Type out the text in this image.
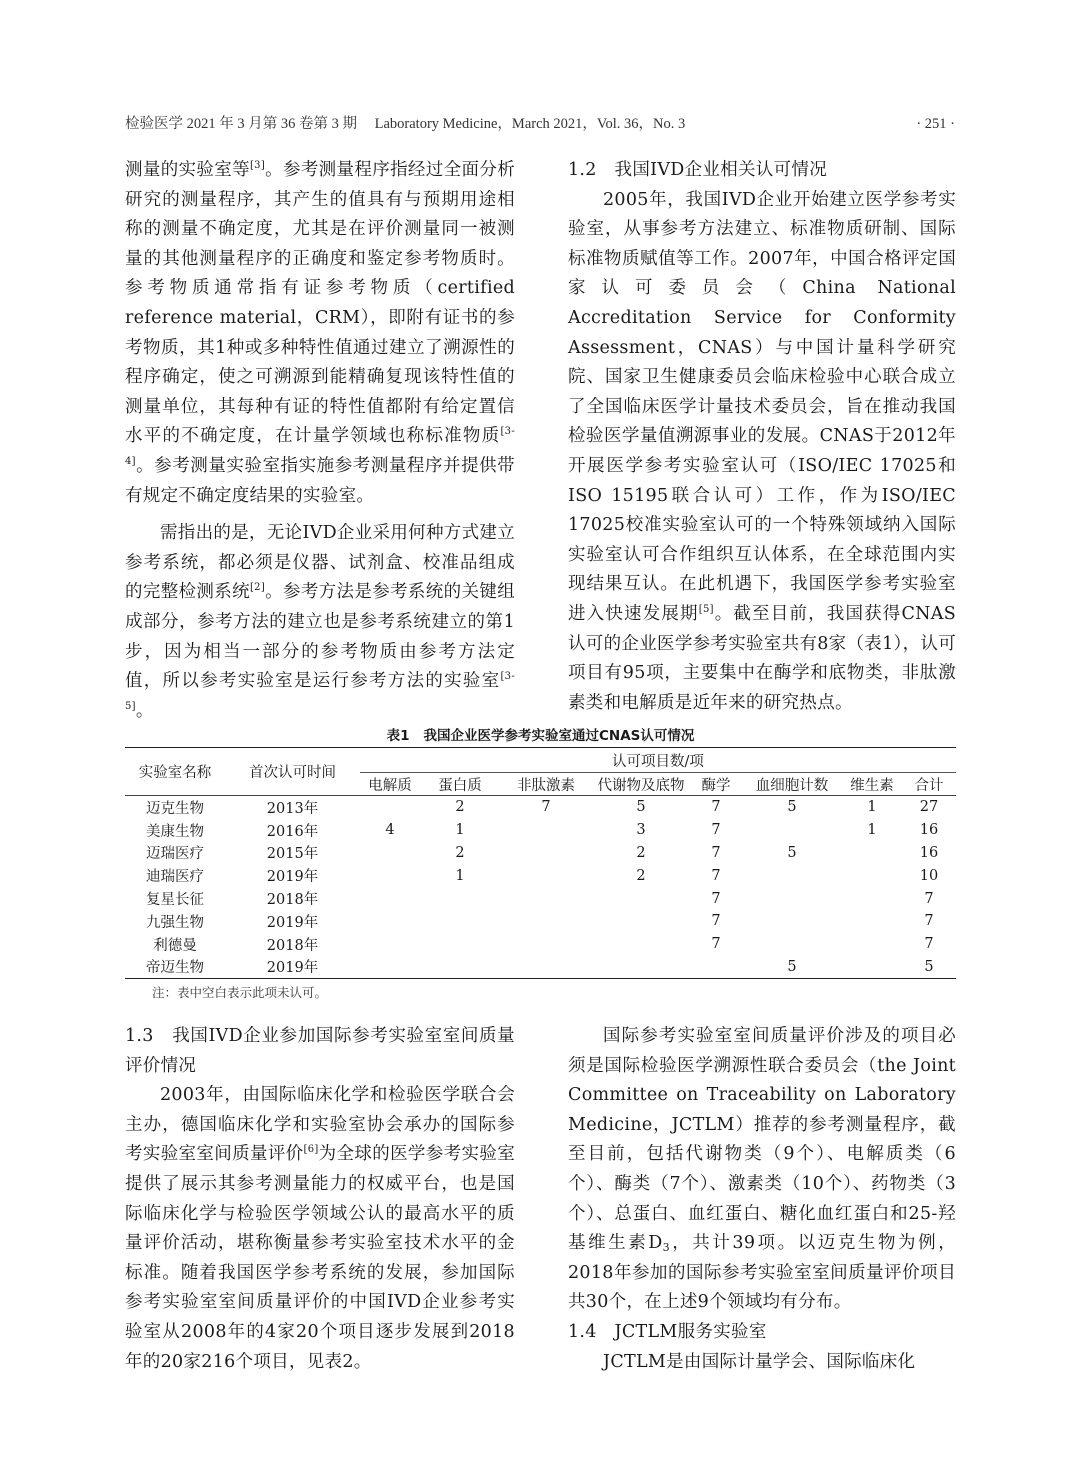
检验医学 2021 年 3 月第 36 卷第 3 期 Laboratory Medicine，March 2021，Vol. 36，No. 3	· 251 ·

测量的实验室等[3]。参考测量程序指经过全面分析研究的测量程序，其产生的值具有与预期用途相称的测量不确定度，尤其是在评价测量同一被测量的其他测量程序的正确度和鉴定参考物质时。参考物质通常指有证参考物质（certified reference material，CRM），即附有证书的参考物质，其1种或多种特性值通过建立了溯源性的程序确定，使之可溯源到能精确复现该特性值的测量单位，其每种有证的特性值都附有给定置信水平的不确定度，在计量学领域也称标准物质[3-4]。参考测量实验室指实施参考测量程序并提供带有规定不确定度结果的实验室。

需指出的是，无论IVD企业采用何种方式建立参考系统，都必须是仪器、试剂盒、校准品组成的完整检测系统[2]。参考方法是参考系统的关键组成部分，参考方法的建立也是参考系统建立的第1步，因为相当一部分的参考物质由参考方法定值，所以参考实验室是运行参考方法的实验室[3-5]。

1.2　我国IVD企业相关认可情况

2005年，我国IVD企业开始建立医学参考实验室，从事参考方法建立、标准物质研制、国际标准物质赋值等工作。2007年，中国合格评定国家认可委员会（China National Accreditation Service for Conformity Assessment，CNAS）与中国计量科学研究院、国家卫生健康委员会临床检验中心联合成立了全国临床医学计量技术委员会，旨在推动我国检验医学量值溯源事业的发展。CNAS于2012年开展医学参考实验室认可（ISO/IEC 17025和ISO 15195联合认可）工作，作为ISO/IEC 17025校准实验室认可的一个特殊领域纳入国际实验室认可合作组织互认体系，在全球范围内实现结果互认。在此机遇下，我国医学参考实验室进入快速发展期[5]。截至目前，我国获得CNAS认可的企业医学参考实验室共有8家（表1），认可项目有95项，主要集中在酶学和底物类，非肽激素类和电解质是近年来的研究热点。

表1 我国企业医学参考实验室通过CNAS认可情况
实验室名称	首次认可时间	认可项目数/项							
		电解质	蛋白质	非肽激素	代谢物及底物	酶学	血细胞计数	维生素	合计
迈克生物	2013年		2	7	5	7	5	1	27
美康生物	2016年	4	1		3	7		1	16
迈瑞医疗	2015年		2		2	7	5		16
迪瑞医疗	2019年		1		2	7			10
复星长征	2018年					7			7
九强生物	2019年					7			7
利德曼	2018年					7			7
帝迈生物	2019年						5		5
注：表中空白表示此项未认可。

1.3　我国IVD企业参加国际参考实验室室间质量评价情况

2003年，由国际临床化学和检验医学联合会主办，德国临床化学和实验室协会承办的国际参考实验室室间质量评价[6]为全球的医学参考实验室提供了展示其参考测量能力的权威平台，也是国际临床化学与检验医学领域公认的最高水平的质量评价活动，堪称衡量参考实验室技术水平的金标准。随着我国医学参考系统的发展，参加国际参考实验室室间质量评价的中国IVD企业参考实验室从2008年的4家20个项目逐步发展到2018年的20家216个项目，见表2。

国际参考实验室室间质量评价涉及的项目必须是国际检验医学溯源性联合委员会（the Joint Committee on Traceability on Laboratory Medicine，JCTLM）推荐的参考测量程序，截至目前，包括代谢物类（9个）、电解质类（6个）、酶类（7个）、激素类（10个）、药物类（3个）、总蛋白、血红蛋白、糖化血红蛋白和25-羟基维生素$D_3$，共计39项。以迈克生物为例，2018年参加的国际参考实验室室间质量评价项目共30个，在上述9个领域均有分布。

1.4　JCTLM服务实验室

JCTLM是由国际计量学会、国际临床化
